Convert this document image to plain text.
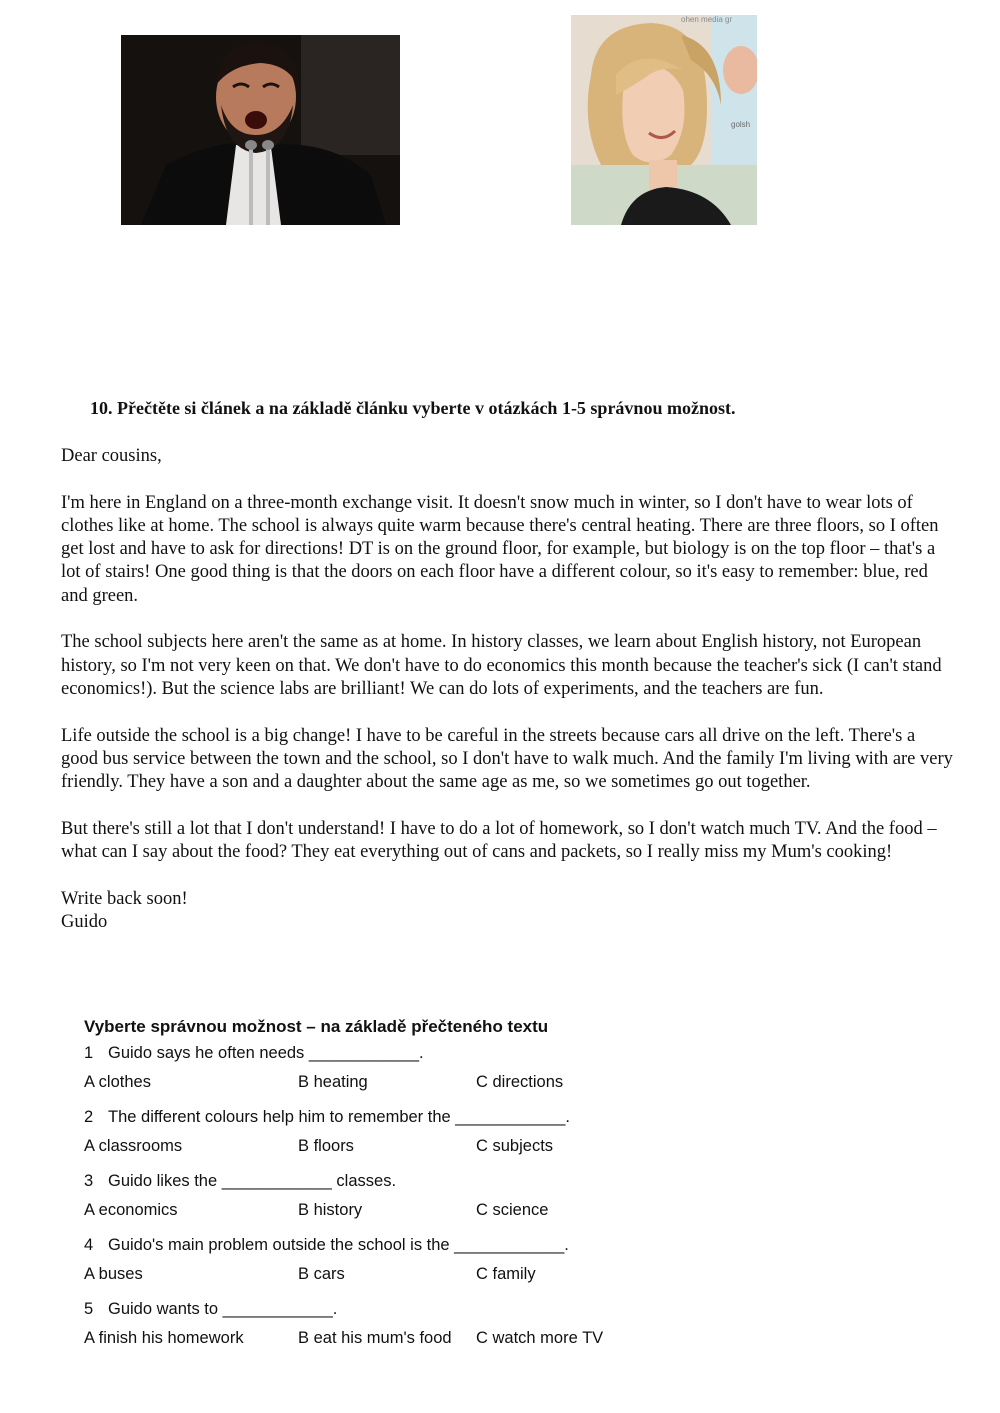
ohen media gr
golsh
10. Přečtěte si článek a na základě článku vyberte v otázkách 1-5 správnou možnost.

Dear cousins,

I'm here in England on a three-month exchange visit. It doesn't snow much in winter, so I don't have to wear lots of clothes like at home. The school is always quite warm because there's central heating. There are three floors, so I often get lost and have to ask for directions! DT is on the ground floor, for example, but biology is on the top floor – that's a lot of stairs! One good thing is that the doors on each floor have a different colour, so it's easy to remember: blue, red and green.

The school subjects here aren't the same as at home. In history classes, we learn about English history, not European history, so I'm not very keen on that. We don't have to do economics this month because the teacher's sick (I can't stand economics!). But the science labs are brilliant! We can do lots of experiments, and the teachers are fun.

Life outside the school is a big change! I have to be careful in the streets because cars all drive on the left. There's a good bus service between the town and the school, so I don't have to walk much. And the family I'm living with are very friendly. They have a son and a daughter about the same age as me, so we sometimes go out together.

But there's still a lot that I don't understand! I have to do a lot of homework, so I don't watch much TV. And the food – what can I say about the food? They eat everything out of cans and packets, so I really miss my Mum's cooking!

Write back soon!

Guido

Vyberte správnou možnost – na základě přečteného textu
1 Guido says he often needs ____________.
A clothes	B heating	C directions
2 The different colours help him to remember the ____________.
A classrooms	B floors	C subjects
3 Guido likes the ____________ classes.
A economics	B history	C science
4 Guido's main problem outside the school is the ____________.
A buses	B cars	C family
5 Guido wants to ____________.
A finish his homework	B eat his mum's food C watch more TV
